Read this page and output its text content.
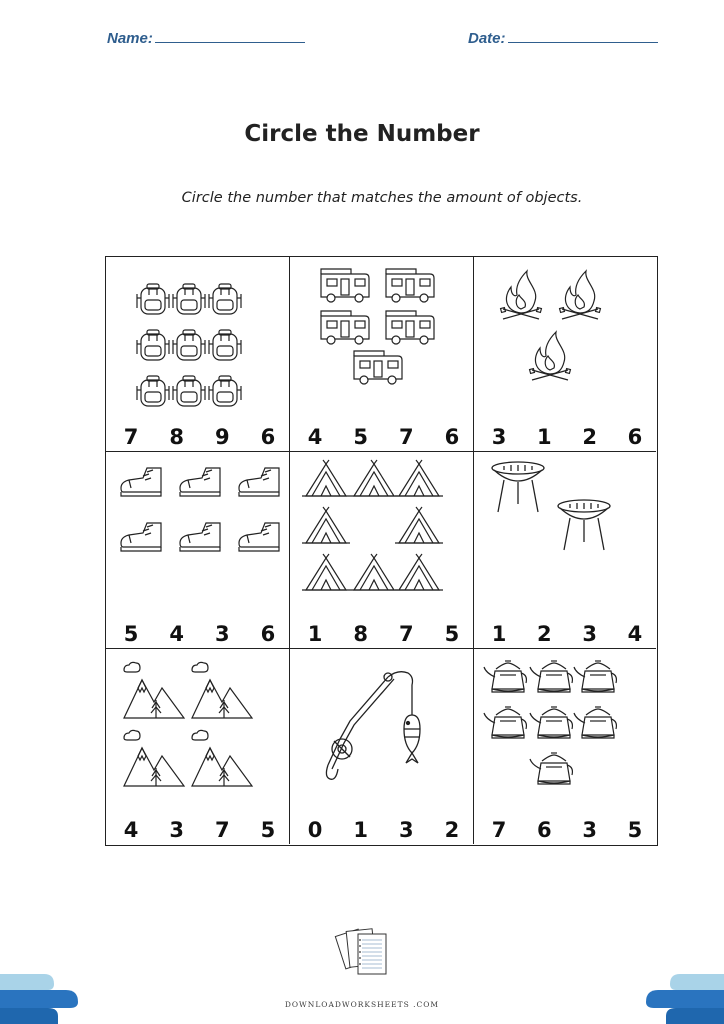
Name:	Date:
Circle the Number
Circle the number that matches the amount of objects.
7	8	9	6	4	5	7	6	3	1	2	6
5	4	3	6	1	8	7	5	1	2	3	4
4	3	7	5	0	1	3	2	7	6	3	5
DOWNLOADWORKSHEETS .COM
